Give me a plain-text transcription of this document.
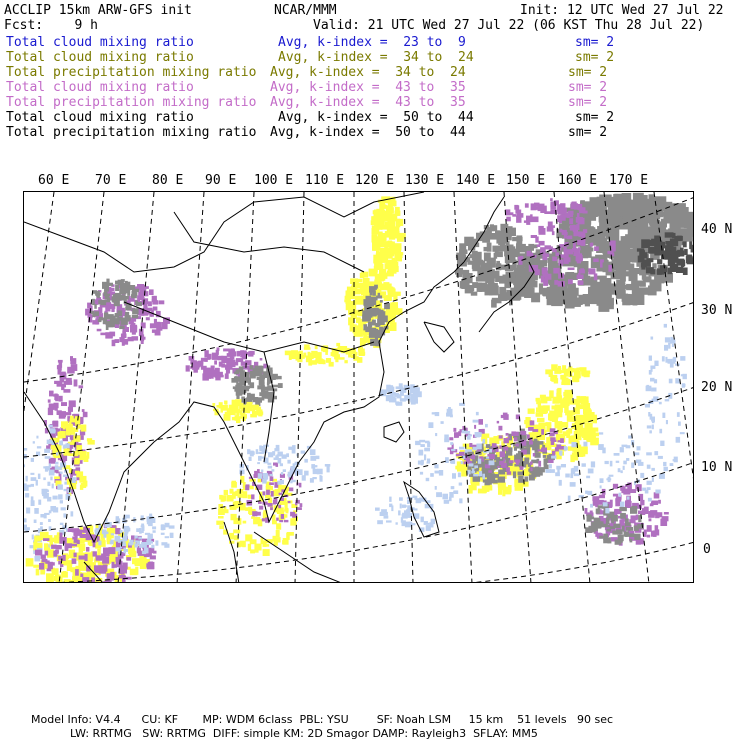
ACCLIP 15km ARW-GFS init	NCAR/MMM	Init: 12 UTC Wed 27 Jul 22
Fcst:    9 h	Valid: 21 UTC Wed 27 Jul 22 (06 KST Thu 28 Jul 22)
Total cloud mixing ratio	Avg, k-index =  23 to  9	sm= 2
Total cloud mixing ratio	Avg, k-index =  34 to  24	sm= 2
Total precipitation mixing ratio Avg, k-index =  34 to  24	sm= 2
Total cloud mixing ratio	Avg, k-index =  43 to  35	sm= 2
Total precipitation mixing ratio Avg, k-index =  43 to  35	sm= 2
Total cloud mixing ratio	Avg, k-index =  50 to  44	sm= 2
Total precipitation mixing ratio Avg, k-index =  50 to  44	sm= 2
60 E 70 E 80 E 90 E 100 E 110 E 120 E 130 E 140 E 150 E 160 E 170 E
40 N
30 N
20 N
10 N
0
Model Info: V4.4      CU: KF       MP: WDM 6class  PBL: YSU        SF: Noah LSM     15 km    51 levels   90 sec
LW: RRTMG   SW: RRTMG  DIFF: simple KM: 2D Smagor DAMP: Rayleigh3  SFLAY: MM5
